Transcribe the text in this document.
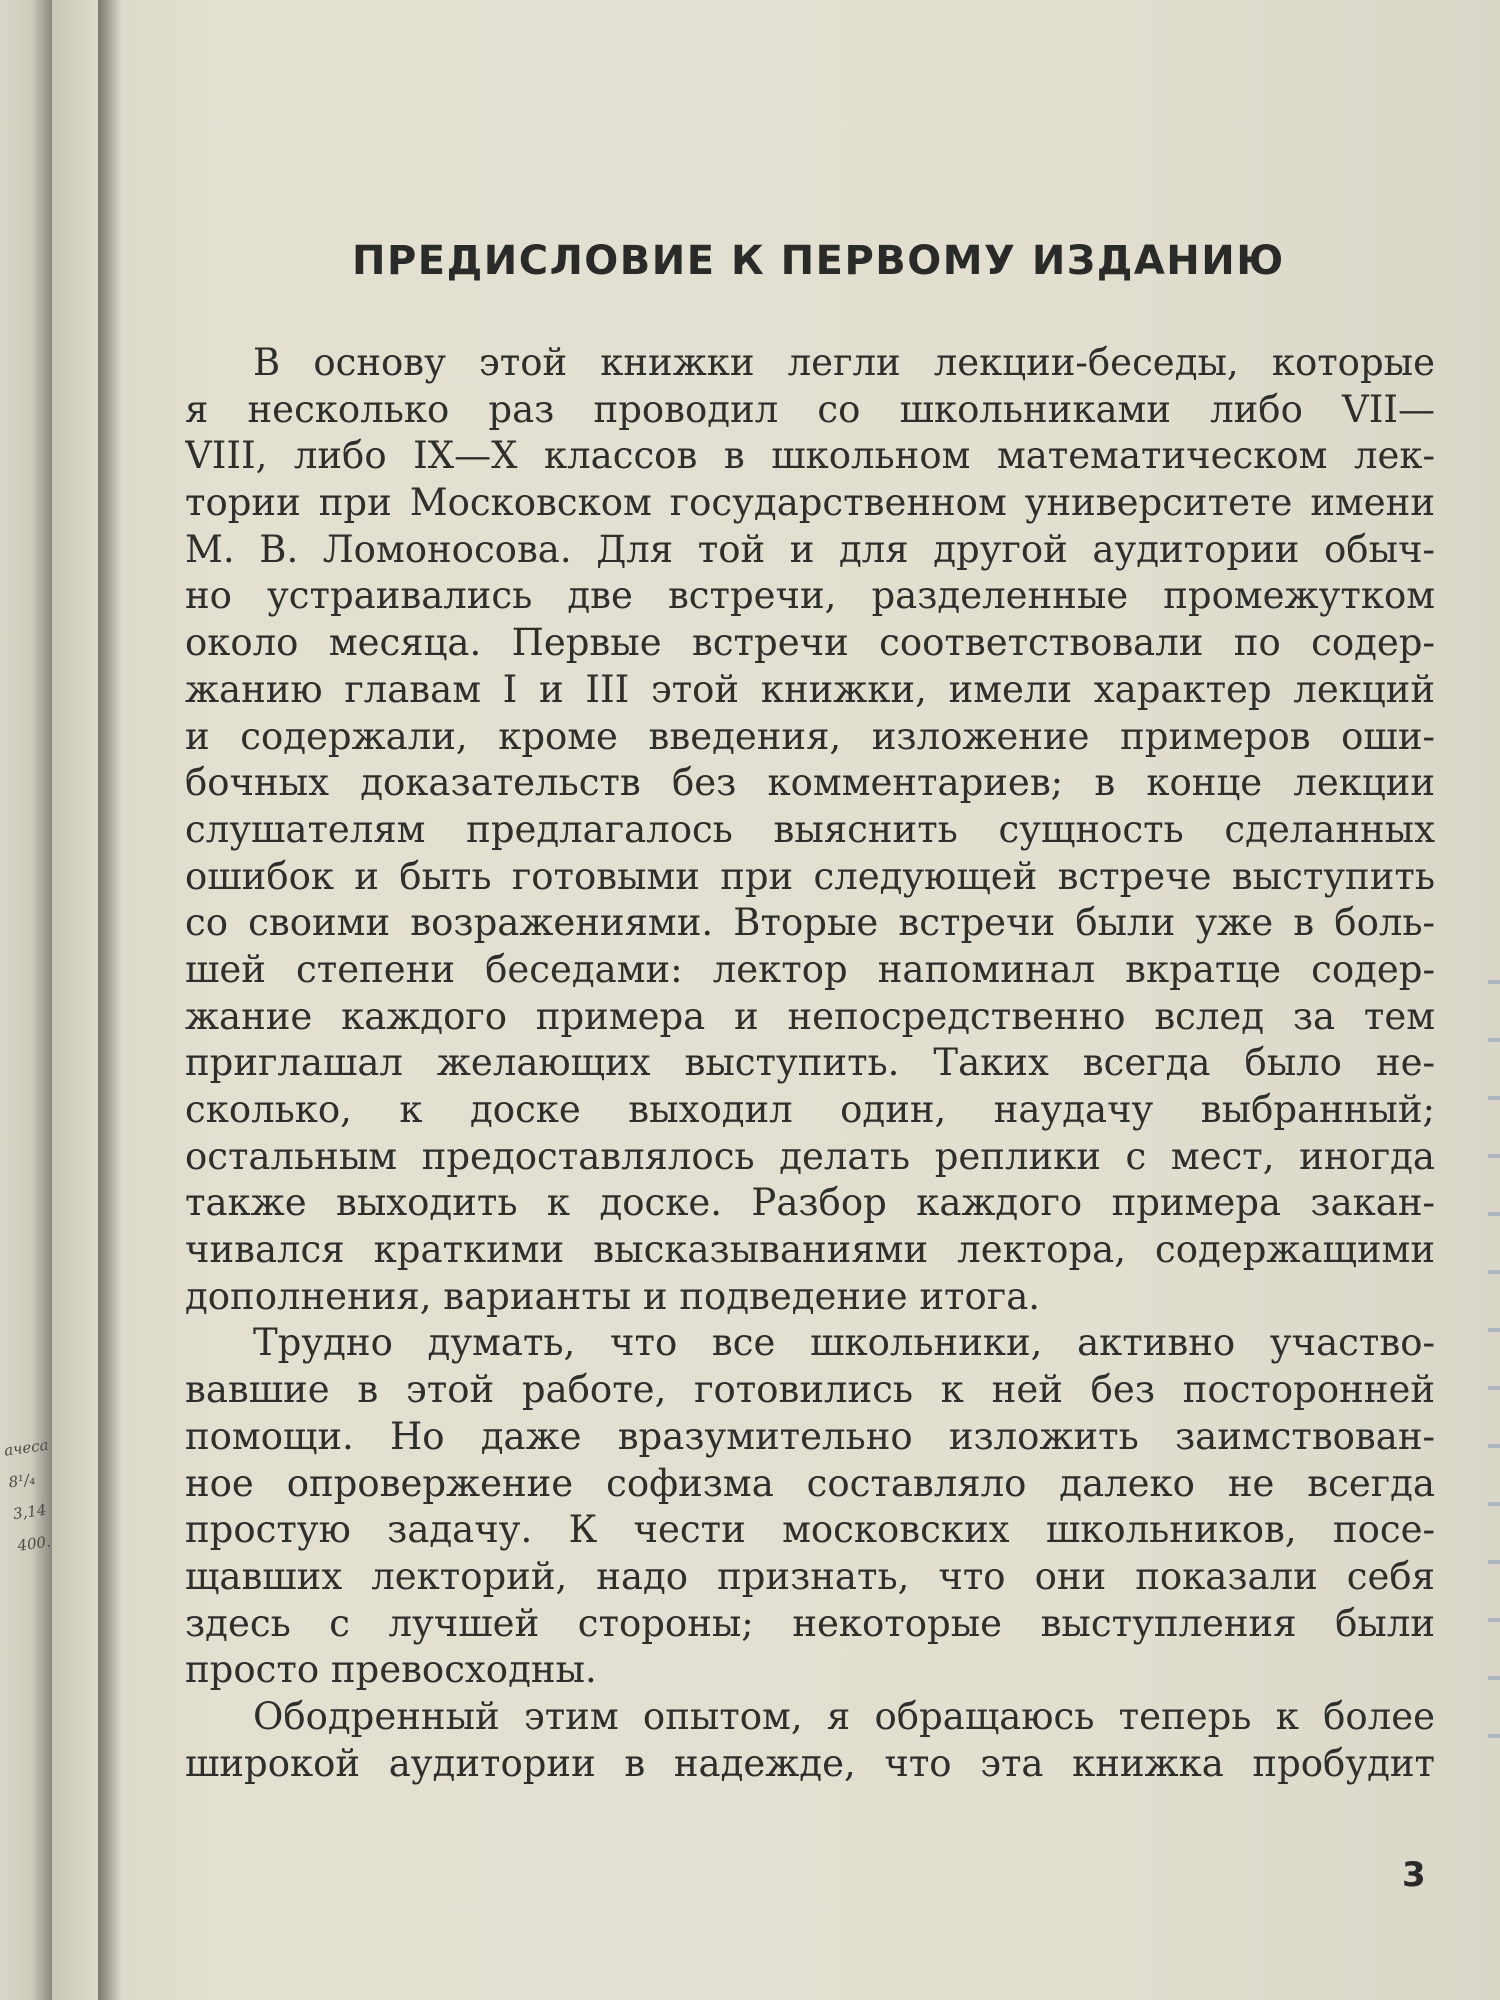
ачеса
8¹/₄
3,14
400.
ПРЕДИСЛОВИЕ К ПЕРВОМУ ИЗДАНИЮ
В основу этой книжки легли лекции-беседы, которые
я несколько раз проводил со школьниками либо VII—
VIII, либо IX—X классов в школьном математическом лек-
тории при Московском государственном университете имени
М. В. Ломоносова. Для той и для другой аудитории обыч-
но устраивались две встречи, разделенные промежутком
около месяца. Первые встречи соответствовали по содер-
жанию главам I и III этой книжки, имели характер лекций
и содержали, кроме введения, изложение примеров оши-
бочных доказательств без комментариев; в конце лекции
слушателям предлагалось выяснить сущность сделанных
ошибок и быть готовыми при следующей встрече выступить
со своими возражениями. Вторые встречи были уже в боль-
шей степени беседами: лектор напоминал вкратце содер-
жание каждого примера и непосредственно вслед за тем
приглашал желающих выступить. Таких всегда было не-
сколько, к доске выходил один, наудачу выбранный;
остальным предоставлялось делать реплики с мест, иногда
также выходить к доске. Разбор каждого примера закан-
чивался краткими высказываниями лектора, содержащими
дополнения, варианты и подведение итога.
Трудно думать, что все школьники, активно участво-
вавшие в этой работе, готовились к ней без посторонней
помощи. Но даже вразумительно изложить заимствован-
ное опровержение софизма составляло далеко не всегда
простую задачу. К чести московских школьников, посе-
щавших лекторий, надо признать, что они показали себя
здесь с лучшей стороны; некоторые выступления были
просто превосходны.
Ободренный этим опытом, я обращаюсь теперь к более
широкой аудитории в надежде, что эта книжка пробудит
3
